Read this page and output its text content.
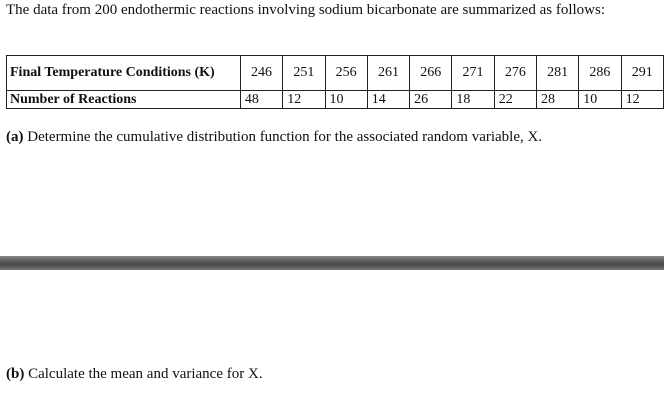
The data from 200 endothermic reactions involving sodium bicarbonate are summarized as follows:

Final Temperature Conditions (K)	246	251	256	261	266	271	276	281	286	291
Number of Reactions	48	12	10	14	26	18	22	28	10	12

(a) Determine the cumulative distribution function for the associated random variable, X.

(b) Calculate the mean and variance for X.
